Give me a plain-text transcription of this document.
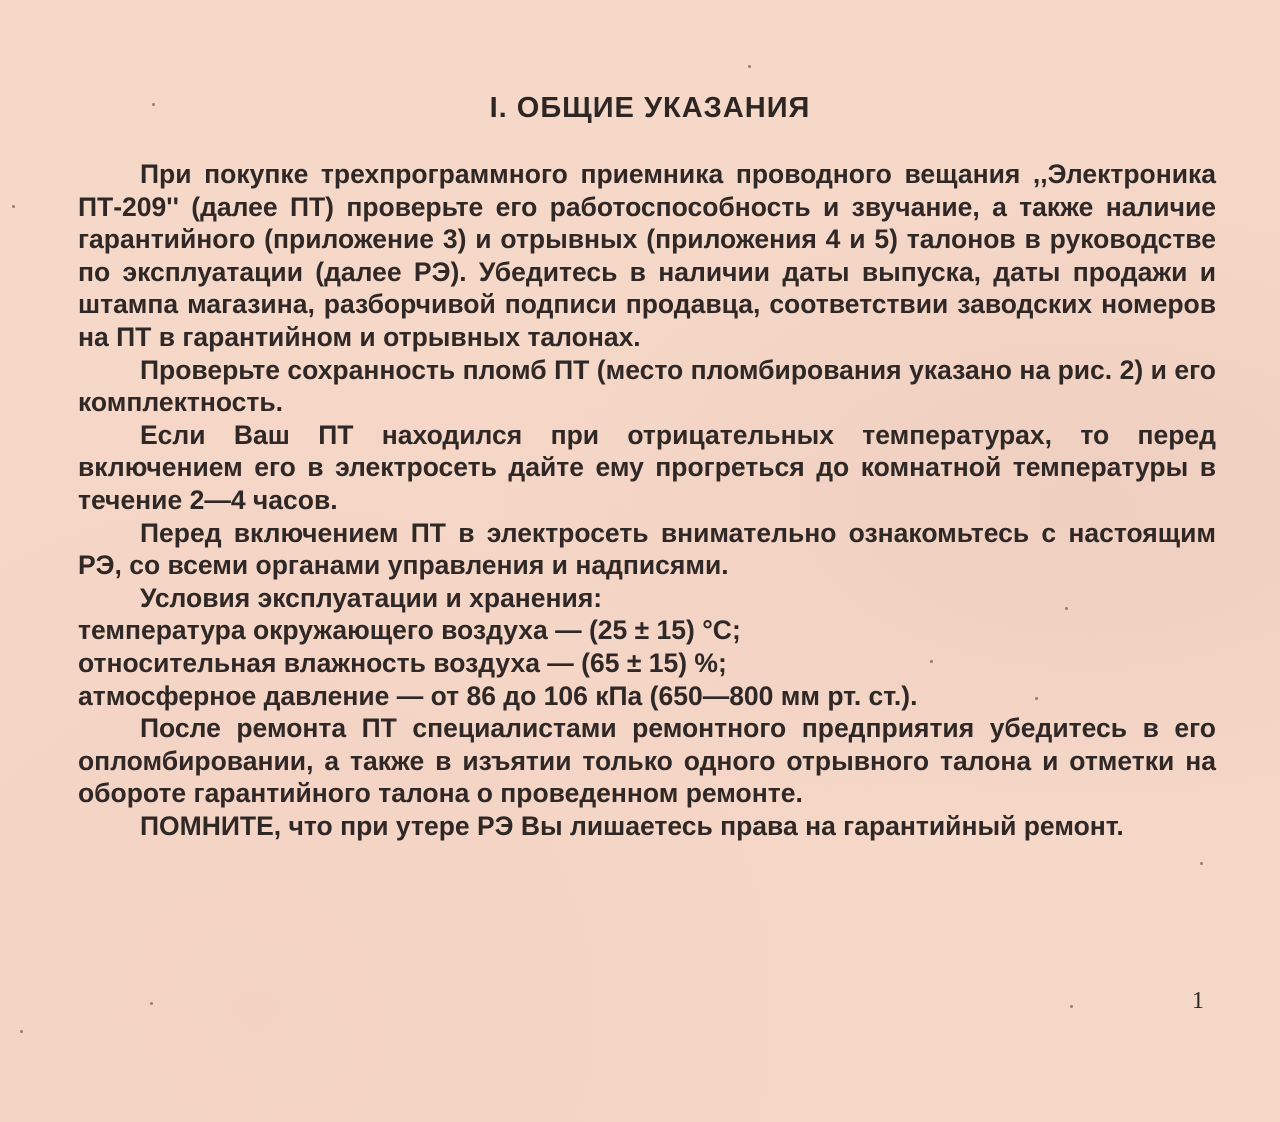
I. ОБЩИЕ УКАЗАНИЯ

При покупке трехпрограммного приемника проводного вещания ,,Электроника ПТ-209'' (далее ПТ) проверьте его работоспособность и звучание, а также наличие гарантийного (приложение 3) и отрывных (приложения 4 и 5) талонов в руководстве по эксплуатации (далее РЭ). Убедитесь в наличии даты выпуска, даты продажи и штампа магазина, разборчивой подписи продавца, соответствии заводских номеров на ПТ в гарантийном и отрывных талонах.

Проверьте сохранность пломб ПТ (место пломбирования указано на рис. 2) и его комплектность.

Если Ваш ПТ находился при отрицательных температурах, то перед включением его в электросеть дайте ему прогреться до комнатной температуры в течение 2—4 часов.

Перед включением ПТ в электросеть внимательно ознакомьтесь с настоящим РЭ, со всеми органами управления и надписями.

Условия эксплуатации и хранения:

температура окружающего воздуха — (25 ± 15) °С;

относительная влажность воздуха — (65 ± 15) %;

атмосферное давление — от 86 до 106 кПа (650—800 мм рт. ст.).

После ремонта ПТ специалистами ремонтного предприятия убедитесь в его опломбировании, а также в изъятии только одного отрывного талона и отметки на обороте гарантийного талона о проведенном ремонте.

ПОМНИТЕ, что при утере РЭ Вы лишаетесь права на гарантийный ремонт.

1
